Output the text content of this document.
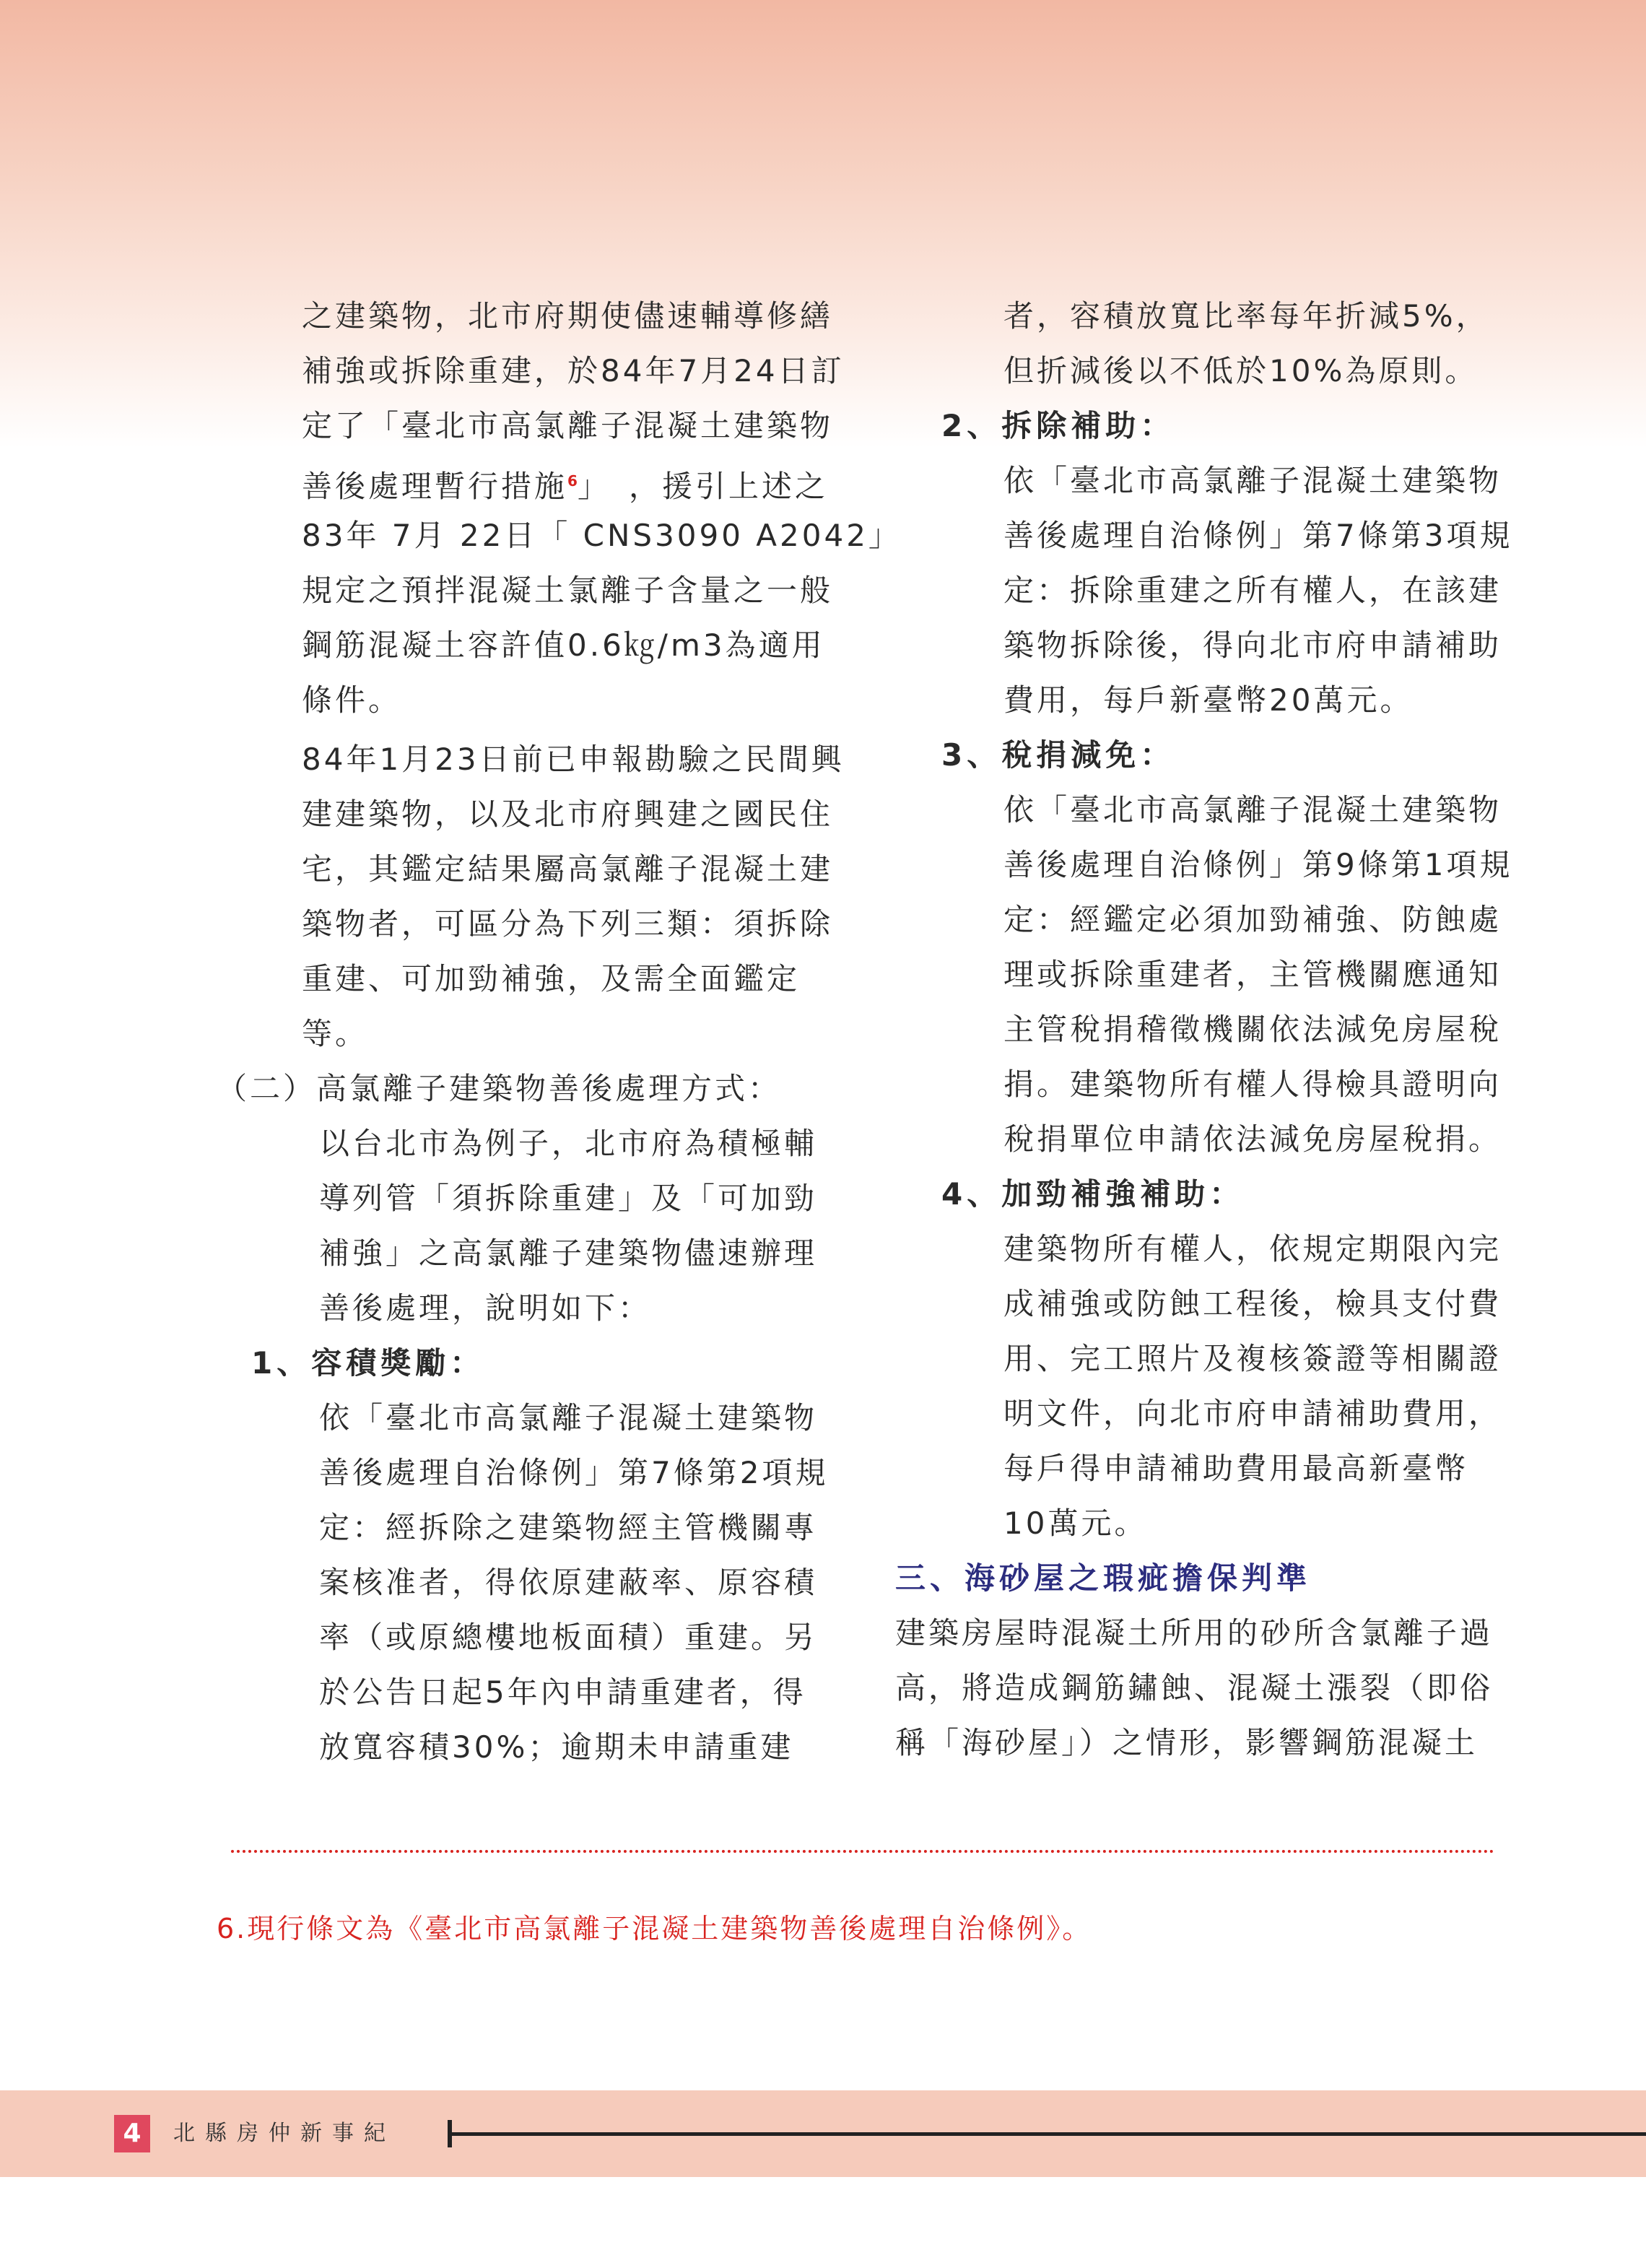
之建築物，北市府期使儘速輔導修繕
補強或拆除重建，於84年7月24日訂
定了「臺北市高氯離子混凝土建築物
善後處理暫行措施$^6$」　，援引上述之
83年 7月 22日「 CNS3090 A2042」
規定之預拌混凝土氯離子含量之一般
鋼筋混凝土容許值0.6㎏/m3為適用
條件。
84年1月23日前已申報勘驗之民間興
建建築物，以及北市府興建之國民住
宅，其鑑定結果屬高氯離子混凝土建
築物者，可區分為下列三類：須拆除
重建、可加勁補強，及需全面鑑定
等。
（二）高氯離子建築物善後處理方式：
以台北市為例子，北市府為積極輔
導列管「須拆除重建」及「可加勁
補強」之高氯離子建築物儘速辦理
善後處理，說明如下：
1、容積獎勵：
依「臺北市高氯離子混凝土建築物
善後處理自治條例」第7條第2項規
定：經拆除之建築物經主管機關專
案核准者，得依原建蔽率、原容積
率（或原總樓地板面積）重建。另
於公告日起5年內申請重建者，得
放寬容積30%；逾期未申請重建
者，容積放寬比率每年折減5%，
但折減後以不低於10%為原則。
2、拆除補助：
依「臺北市高氯離子混凝土建築物
善後處理自治條例」第7條第3項規
定：拆除重建之所有權人，在該建
築物拆除後，得向北市府申請補助
費用，每戶新臺幣20萬元。
3、稅捐減免：
依「臺北市高氯離子混凝土建築物
善後處理自治條例」第9條第1項規
定：經鑑定必須加勁補強、防蝕處
理或拆除重建者，主管機關應通知
主管稅捐稽徵機關依法減免房屋稅
捐。建築物所有權人得檢具證明向
稅捐單位申請依法減免房屋稅捐。
4、加勁補強補助：
建築物所有權人，依規定期限內完
成補強或防蝕工程後，檢具支付費
用、完工照片及複核簽證等相關證
明文件，向北市府申請補助費用，
每戶得申請補助費用最高新臺幣
10萬元。
三、海砂屋之瑕疵擔保判準
建築房屋時混凝土所用的砂所含氯離子過
高，將造成鋼筋鏽蝕、混凝土漲裂（即俗
稱「海砂屋」）之情形，影響鋼筋混凝土
6.現行條文為《臺北市高氯離子混凝土建築物善後處理自治條例》。
4	北縣房仲新事紀
